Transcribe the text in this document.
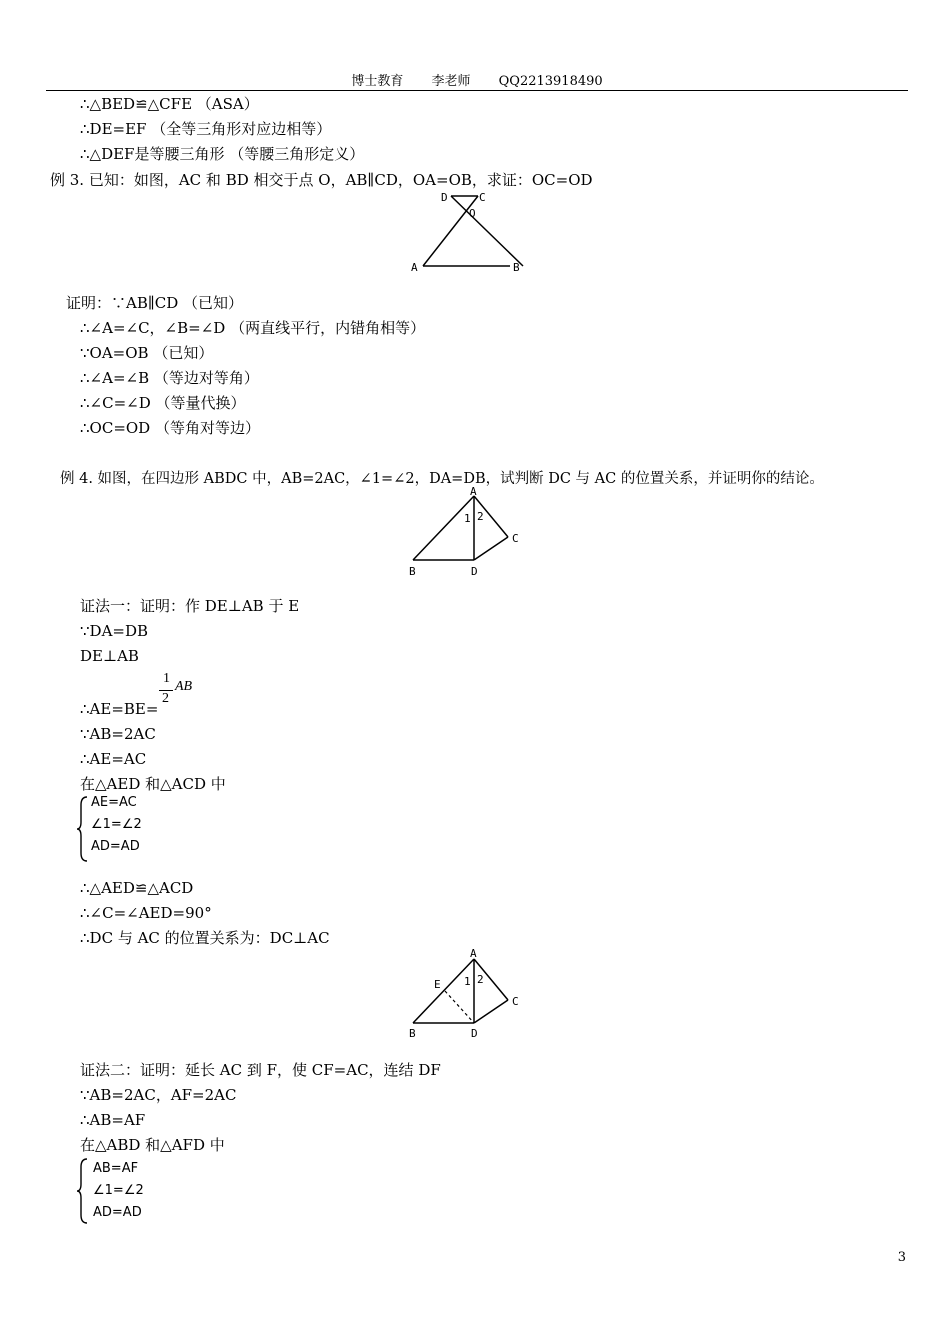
博士教育 李老师 QQ2213918490
∴△BED≌△CFE （ASA）
∴DE=EF （全等三角形对应边相等）
∴△DEF是等腰三角形 （等腰三角形定义）
例 3. 已知：如图，AC 和 BD 相交于点 O，AB∥CD，OA=OB，求证：OC=OD
D	C
O
A	B
证明：∵AB∥CD （已知）
∴∠A=∠C，∠B=∠D （两直线平行，内错角相等）
∵OA=OB （已知）
∴∠A=∠B （等边对等角）
∴∠C=∠D （等量代换）
∴OC=OD （等角对等边）
例 4. 如图，在四边形 ABDC 中，AB=2AC，∠1=∠2，DA=DB，试判断 DC 与 AC 的位置关系，并证明你的结论。
A
1 2
C
B	D
证法一：证明：作 DE⊥AB 于 E
∵DA=DB
DE⊥AB
1
2
AB
∴AE=BE=
∵AB=2AC
∴AE=AC
在△AED 和△ACD 中
AE=AC
∠1=∠2
AD=AD
∴△AED≌△ACD
∴∠C=∠AED=90°
∴DC 与 AC 的位置关系为：DC⊥AC
A
E 1 2
C
B	D
证法二：证明：延长 AC 到 F，使 CF=AC，连结 DF
∵AB=2AC，AF=2AC
∴AB=AF
在△ABD 和△AFD 中
AB=AF
∠1=∠2
AD=AD
3
